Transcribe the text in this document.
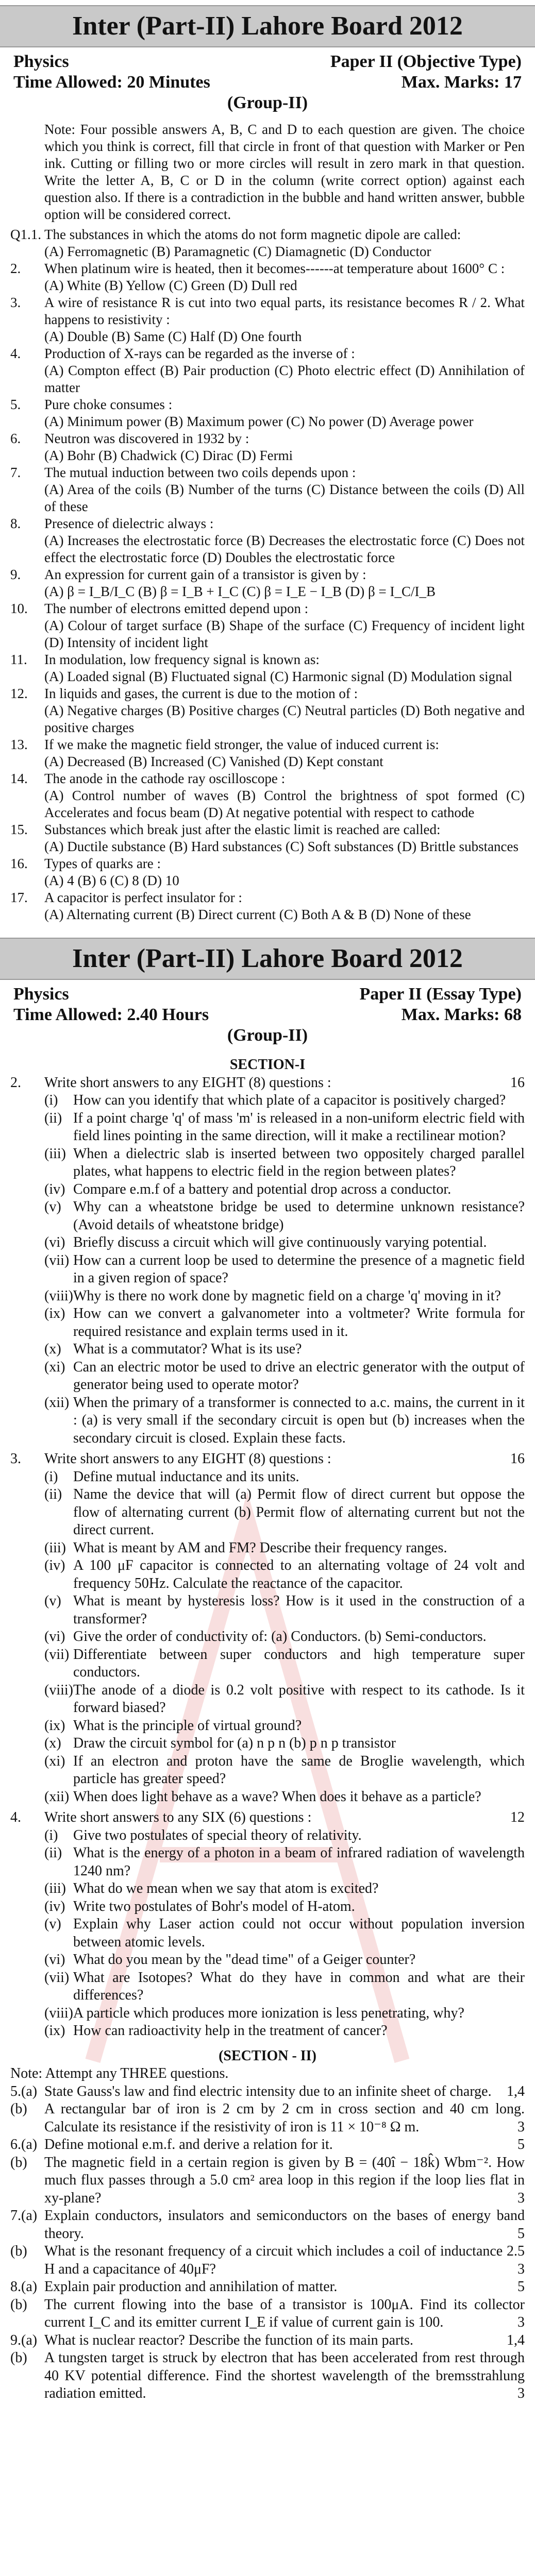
Inter (Part-II) Lahore Board 2012
Physics	Paper II (Objective Type)
Time Allowed: 20 Minutes	Max. Marks: 17
(Group-II)

Note: Four possible answers A, B, C and D to each question are given. The choice which you think is correct, fill that circle in front of that question with Marker or Pen ink. Cutting or filling two or more circles will result in zero mark in that question. Write the letter A, B, C or D in the column (write correct option) against each question also. If there is a contradiction in the bubble and hand written answer, bubble option will be considered correct.

Q1.1. The substances in which the atoms do not form magnetic dipole are called:
(A) Ferromagnetic (B) Paramagnetic (C) Diamagnetic (D) Conductor
2. When platinum wire is heated, then it becomes------at temperature about 1600° C :
(A) White (B) Yellow (C) Green (D) Dull red
3. A wire of resistance R is cut into two equal parts, its resistance becomes R / 2. What happens to resistivity :
(A) Double (B) Same (C) Half (D) One fourth
4. Production of X-rays can be regarded as the inverse of :
(A) Compton effect (B) Pair production (C) Photo electric effect (D) Annihilation of matter
5. Pure choke consumes :
(A) Minimum power (B) Maximum power (C) No power (D) Average power
6. Neutron was discovered in 1932 by :
(A) Bohr (B) Chadwick (C) Dirac (D) Fermi
7. The mutual induction between two coils depends upon :
(A) Area of the coils (B) Number of the turns (C) Distance between the coils (D) All of these
8. Presence of dielectric always :
(A) Increases the electrostatic force (B) Decreases the electrostatic force (C) Does not effect the electrostatic force (D) Doubles the electrostatic force
9. An expression for current gain of a transistor is given by :
(A) β = I_B/I_C (B) β = I_B + I_C (C) β = I_E − I_B (D) β = I_C/I_B
10. The number of electrons emitted depend upon :
(A) Colour of target surface (B) Shape of the surface (C) Frequency of incident light (D) Intensity of incident light
11. In modulation, low frequency signal is known as:
(A) Loaded signal (B) Fluctuated signal (C) Harmonic signal (D) Modulation signal
12. In liquids and gases, the current is due to the motion of :
(A) Negative charges (B) Positive charges (C) Neutral particles (D) Both negative and positive charges
13. If we make the magnetic field stronger, the value of induced current is:
(A) Decreased (B) Increased (C) Vanished (D) Kept constant
14. The anode in the cathode ray oscilloscope :
(A) Control number of waves (B) Control the brightness of spot formed (C) Accelerates and focus beam (D) At negative potential with respect to cathode
15. Substances which break just after the elastic limit is reached are called:
(A) Ductile substance (B) Hard substances (C) Soft substances (D) Brittle substances
16. Types of quarks are :
(A) 4 (B) 6 (C) 8 (D) 10
17. A capacitor is perfect insulator for :
(A) Alternating current (B) Direct current (C) Both A & B (D) None of these
Inter (Part-II) Lahore Board 2012
Physics	Paper II (Essay Type)
Time Allowed: 2.40 Hours	Max. Marks: 68
(Group-II)
SECTION-I
2. Write short answers to any EIGHT (8) questions :	16
(i) How can you identify that which plate of a capacitor is positively charged?
(ii) If a point charge 'q' of mass 'm' is released in a non-uniform electric field with field lines pointing in the same direction, will it make a rectilinear motion?
(iii) When a dielectric slab is inserted between two oppositely charged parallel plates, what happens to electric field in the region between plates?
(iv) Compare e.m.f of a battery and potential drop across a conductor.
(v) Why can a wheatstone bridge be used to determine unknown resistance? (Avoid details of wheatstone bridge)
(vi) Briefly discuss a circuit which will give continuously varying potential.
(vii) How can a current loop be used to determine the presence of a magnetic field in a given region of space?
(viii) Why is there no work done by magnetic field on a charge 'q' moving in it?
(ix) How can we convert a galvanometer into a voltmeter? Write formula for required resistance and explain terms used in it.
(x) What is a commutator? What is its use?
(xi) Can an electric motor be used to drive an electric generator with the output of generator being used to operate motor?
(xii) When the primary of a transformer is connected to a.c. mains, the current in it : (a) is very small if the secondary circuit is open but (b) increases when the secondary circuit is closed. Explain these facts.
3. Write short answers to any EIGHT (8) questions :	16
(i) Define mutual inductance and its units.
(ii) Name the device that will (a) Permit flow of direct current but oppose the flow of alternating current (b) Permit flow of alternating current but not the direct current.
(iii) What is meant by AM and FM? Describe their frequency ranges.
(iv) A 100 μF capacitor is connected to an alternating voltage of 24 volt and frequency 50Hz. Calculate the reactance of the capacitor.
(v) What is meant by hysteresis loss? How is it used in the construction of a transformer?
(vi) Give the order of conductivity of: (a) Conductors. (b) Semi-conductors.
(vii) Differentiate between super conductors and high temperature super conductors.
(viii) The anode of a diode is 0.2 volt positive with respect to its cathode. Is it forward biased?
(ix) What is the principle of virtual ground?
(x) Draw the circuit symbol for (a) n p n (b) p n p transistor
(xi) If an electron and proton have the same de Broglie wavelength, which particle has greater speed?
(xii) When does light behave as a wave? When does it behave as a particle?
4. Write short answers to any SIX (6) questions :	12
(i) Give two postulates of special theory of relativity.
(ii) What is the energy of a photon in a beam of infrared radiation of wavelength 1240 nm?
(iii) What do we mean when we say that atom is excited?
(iv) Write two postulates of Bohr's model of H-atom.
(v) Explain why Laser action could not occur without population inversion between atomic levels.
(vi) What do you mean by the "dead time" of a Geiger counter?
(vii) What are Isotopes? What do they have in common and what are their differences?
(viii) A particle which produces more ionization is less penetrating, why?
(ix) How can radioactivity help in the treatment of cancer?
(SECTION - II)
Note: Attempt any THREE questions.
5.(a) State Gauss's law and find electric intensity due to an infinite sheet of charge. 1,4
(b) A rectangular bar of iron is 2 cm by 2 cm in cross section and 40 cm long. Calculate its resistance if the resistivity of iron is 11 × 10⁻⁸ Ω m.	3
6.(a) Define motional e.m.f. and derive a relation for it.	5
(b) The magnetic field in a certain region is given by B = (40î − 18k̂) Wbm⁻². How much flux passes through a 5.0 cm² area loop in this region if the loop lies flat in xy-plane?	3
7.(a) Explain conductors, insulators and semiconductors on the bases of energy band theory.	5
(b) What is the resonant frequency of a circuit which includes a coil of inductance 2.5 H and a capacitance of 40μF?	3
8.(a) Explain pair production and annihilation of matter.	5
(b) The current flowing into the base of a transistor is 100μA. Find its collector current I_C and its emitter current I_E if value of current gain is 100.	3
9.(a) What is nuclear reactor? Describe the function of its main parts.	1,4
(b) A tungsten target is struck by electron that has been accelerated from rest through 40 KV potential difference. Find the shortest wavelength of the bremsstrahlung radiation emitted.	3
